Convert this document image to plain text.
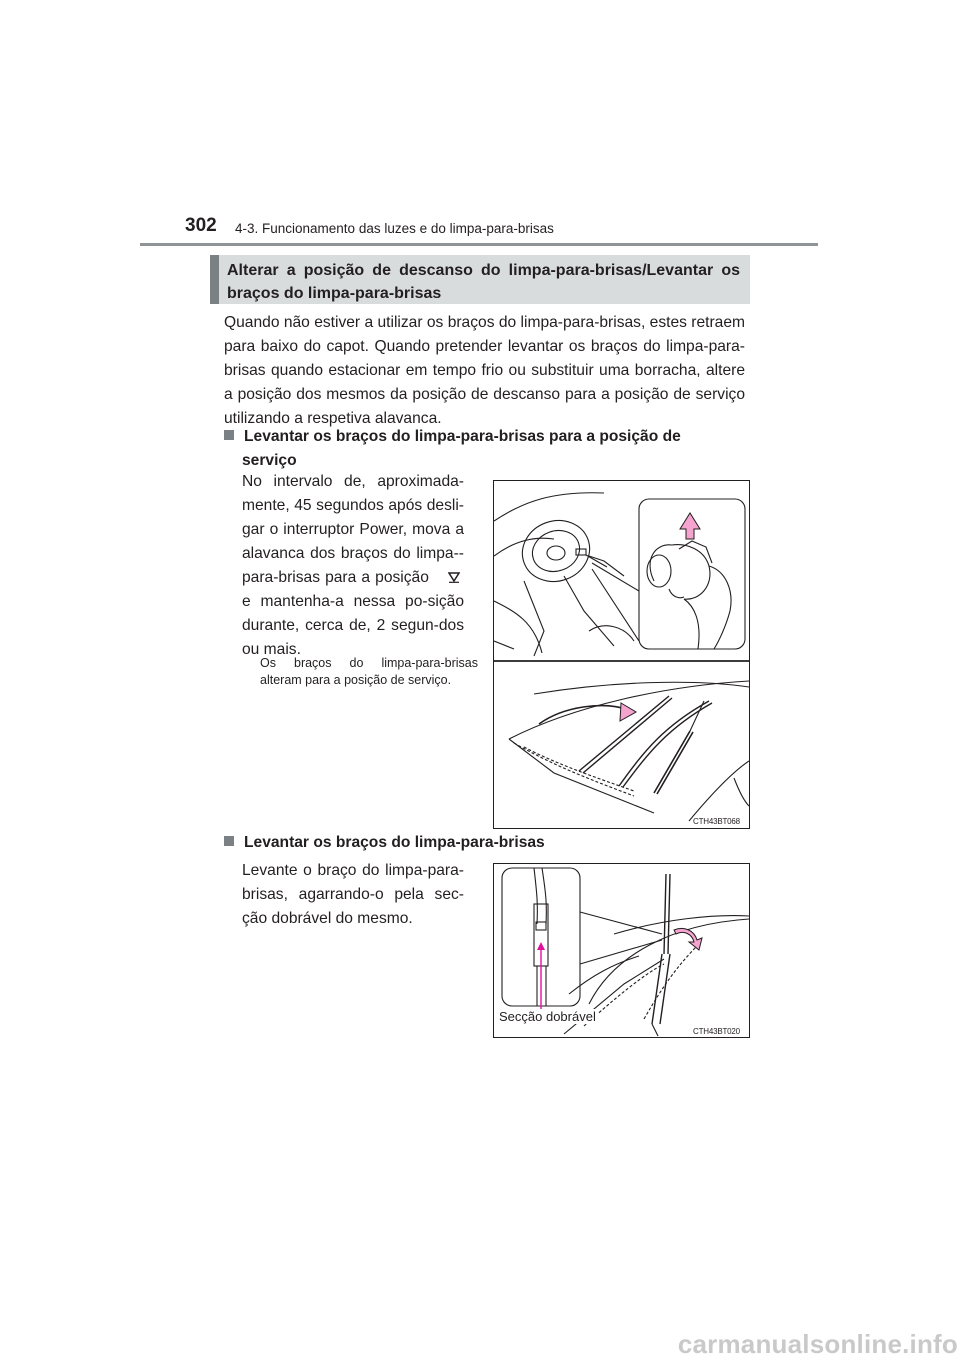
302 4-3. Funcionamento das luzes e do limpa-para-brisas
Alterar a posição de descanso do limpa-para-brisas/Levantar os braços do limpa-para-brisas
Quando não estiver a utilizar os braços do limpa-para-brisas, estes retraem para baixo do capot. Quando pretender levantar os braços do limpa-para-brisas quando estacionar em tempo frio ou substituir uma borracha, altere a posição dos mesmos da posição de descanso para a posição de serviço utilizando a respetiva alavanca.
Levantar os braços do limpa-para-brisas para a posição de
serviço
No intervalo de, aproximada-mente, 45 segundos após desli-gar o interruptor Power, mova a alavanca dos braços do limpa--para-brisas para a posição e mantenha-a nessa po-sição durante, cerca de, 2 segun-dos ou mais.
Os braços do limpa-para-brisas alteram para a posição de serviço.
CTH43BT068
Levantar os braços do limpa-para-brisas
Levante o braço do limpa-para-brisas, agarrando-o pela sec-ção dobrável do mesmo.
Secção dobrável
CTH43BT020
carmanualsonline.info
